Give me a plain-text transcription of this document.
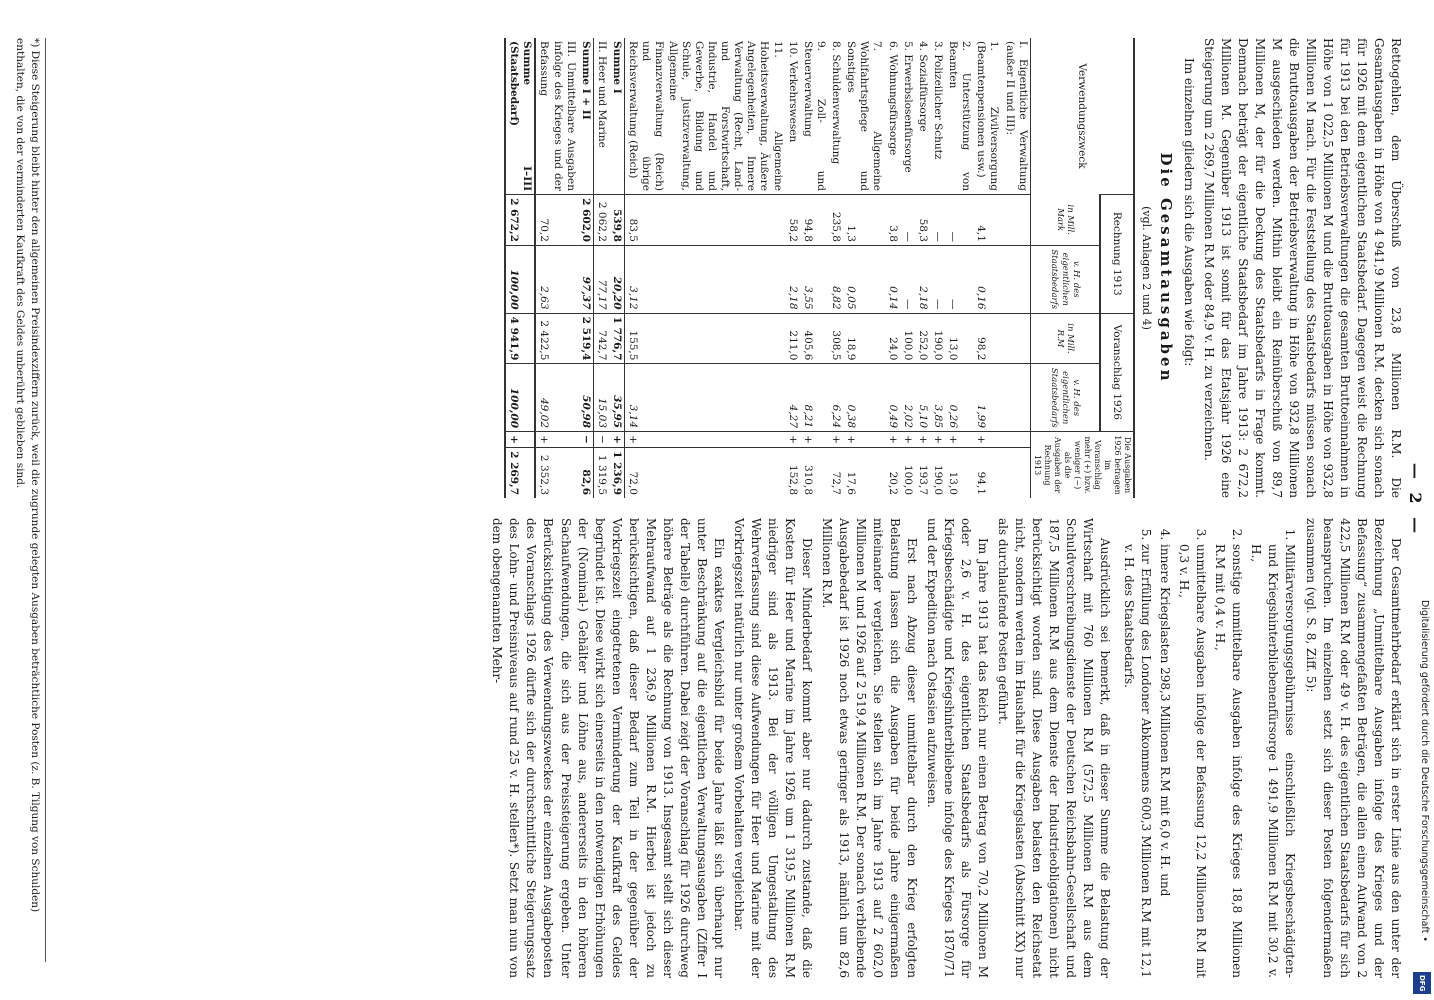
— 2 —

Rettogehlen, dem Überschuß von 23,8 Millionen R.M. Die Gesamtausgaben in Höhe von 4 941,9 Millionen R.M. decken sich sonach für 1926 mit dem eigentlichen Staatsbedarf. Dagegen weist die Rechnung für 1913 bei den Betriebsverwaltungen die gesamten Bruttoeinnahmen in Höhe von 1 022,5 Millionen M und die Bruttoausgaben in Höhe von 932,8 Millionen M nach. Für die Feststellung des Staatsbedarfs müssen sonach die Bruttoausgaben der Betriebsverwaltung in Höhe von 932,8 Millionen M ausgeschieden werden. Mithin bleibt ein Reinüberschuß von 89,7 Millionen M, der für die Deckung des Staatsbedarfs in Frage kommt. Demnach beträgt der eigentliche Staatsbedarf im Jahre 1913: 2 672,2 Millionen M. Gegenüber 1913 ist somit für das Etatsjahr 1926 eine Steigerung um 2 269,7 Millionen R.M oder 84,9 v. H. zu verzeichnen.

Im einzelnen gliedern sich die Ausgaben wie folgt:

Die Gesamtausgaben
(vgl. Anlagen 2 und 4)
Verwendungszweck	Rechnung 1913		Voranschlag 1926		Die Ausgaben 1926 betragen im Voranschlag mehr (+) bzw. weniger (−) als die Ausgaben der Rechnung 1913	
	in Mill. Mark	v. H. des eigentlichen Staatsbedarfs	in Mill. R.M	v. H. des eigentlichen Staatsbedarfs		
I. Eigentliche Verwaltung (außer II und III):						
1. Zivilversorgung (Beamtenpensionen usw.)	4,1	0,16	98,2	1,99	+	94,1
2. Unterstützung von Beamten	—	—	13,0	0,26	+	13,0
3. Polizeilicher Schutz	—	—	190,0	3,85	+	190,0
4. Sozialfürsorge	58,3	2,18	252,0	5,10	+	193,7
5. Erwerbslosenfürsorge	—	—	100,0	2,02	+	100,0
6. Wohnungsfürsorge	3,8	0,14	24,0	0,49	+	20,2
7. Allgemeine Wohlfahrtspflege und Sonstiges	1,3	0,05	18,9	0,38	+	17,6
8. Schuldenverwaltung	235,8	8,82	308,5	6,24	+	72,7
9. Zoll- und Steuerverwaltung	94,8	3,55	405,6	8,21	+	310,8
10. Verkehrswesen	58,2	2,18	211,0	4,27	+	152,8
11. Allgemeine Hoheitsverwaltung, Äußere Angelegenheiten, Innere Verwaltung (Recht, Land- und Forstwirtschaft, Industrie, Handel und Gewerbe, Bildung und Schule, Justizverwaltung, Allgemeine Finanzverwaltung (Reich) und übrige Reichsverwaltung (Reich)	83,5	3,12	155,5	3,14	+	72,0
Summe I	539,8	20,20	1 776,7	35,95	+	1 236,9
II. Heer und Marine	2 062,2	77,17	742,7	15,03	−	1 319,5
Summe I + II	2 602,0	97,37	2 519,4	50,98	−	82,6
III. Unmittelbare Ausgaben infolge des Krieges und der Befassung	70,2	2,63	2 422,5	49,02	+	2 352,3
Summe I–III (Staatsbedarf)	2 672,2	100,00	4 941,9	100,00	+	2 269,7

Der Gesamtmehrbedarf erklärt sich in erster Linie aus den unter der Bezeichnung „Unmittelbare Ausgaben infolge des Krieges und der Befassung“ zusammengefaßten Beträgen, die allein einen Aufwand von 2 422,5 Millionen R.M oder 49 v. H. des eigentlichen Staatsbedarfs für sich beanspruchen. Im einzelnen setzt sich dieser Posten folgendermaßen zusammen (vgl. S. 8, Ziff. 5):

1. Militärversorgungsgebührnisse einschließlich Kriegsbeschädigten- und Kriegshinterbliebenenfürsorge 1 491,9 Millionen R.M mit 30,2 v. H.,
2. sonstige unmittelbare Ausgaben infolge des Krieges 18,8 Millionen R.M mit 0,4 v. H.,
3. unmittelbare Ausgaben infolge der Befassung 12,2 Millionen R.M mit 0,3 v. H.,
4. innere Kriegslasten 298,3 Millionen R.M mit 6,0 v. H. und
5. zur Erfüllung des Londoner Abkommens 600,3 Millionen R.M mit 12,1 v. H. des Staatsbedarfs.

Ausdrücklich sei bemerkt, daß in dieser Summe die Belastung der Wirtschaft mit 760 Millionen R.M (572,5 Millionen R.M aus dem Schuldverschreibungsdienste der Deutschen Reichsbahn-Gesellschaft und 187,5 Millionen R.M aus dem Dienste der Industrieobligationen) nicht berücksichtigt worden sind. Diese Ausgaben belasten den Reichsetat nicht, sondern werden im Haushalt für die Kriegslasten (Abschnitt XX) nur als durchlaufende Posten geführt.

Im Jahre 1913 hat das Reich nur einen Betrag von 70,2 Millionen M oder 2,6 v. H. des eigentlichen Staatsbedarfs als Fürsorge für Kriegsbeschädigte und Kriegshinterbliebene infolge des Krieges 1870/71 und der Expedition nach Ostasien aufzuweisen.

Erst nach Abzug dieser unmittelbar durch den Krieg erfolgten Belastung lassen sich die Ausgaben für beide Jahre einigermaßen miteinander vergleichen. Sie stellen sich im Jahre 1913 auf 2 602,0 Millionen M und 1926 auf 2 519,4 Millionen R.M. Der sonach verbleibende Ausgabebedarf ist 1926 noch etwas geringer als 1913, nämlich um 82,6 Millionen R.M.

Dieser Minderbedarf kommt aber nur dadurch zustande, daß die Kosten für Heer und Marine im Jahre 1926 um 1 319,5 Millionen R.M niedriger sind als 1913. Bei der völligen Umgestaltung des Wehrverfassung sind diese Aufwendungen für Heer und Marine mit der Vorkriegszeit natürlich nur unter großem Vorbehalten vergleichbar.

Ein exaktes Vergleichsbild für beide Jahre läßt sich überhaupt nur unter Beschränkung auf die eigentlichen Verwaltungsausgaben (Ziffer I der Tabelle) durchführen. Dabei zeigt der Voranschlag für 1926 durchweg höhere Beträge als die Rechnung von 1913. Insgesamt stellt sich dieser Mehraufwand auf 1 236,9 Millionen R.M. Hierbei ist jedoch zu berücksichtigen, daß dieser Bedarf zum Teil in der gegenüber der Vorkriegszeit eingetretenen Verminderung der Kaufkraft des Geldes begründet ist. Diese wirkt sich einerseits in den notwendigen Erhöhungen der (Nominal-) Gehälter und Löhne aus, andererseits in den höheren Sachaufwendungen, die sich aus der Preissteigerung ergeben. Unter Berücksichtigung des Verwendungszweckes der einzelnen Ausgabeposten des Voranschlags 1926 dürfte sich der durchschnittliche Steigerungssatz des Lohn- und Preisniveaus auf rund 25 v. H. stellen*). Setzt man nun von dem obengenannten Mehr-

*) Diese Steigerung bleibt hinter den allgemeinen Preisindexziffern zurück, weil die zugrunde gelegten Ausgaben beträchtliche Posten (z. B. Tilgung von Schulden) enthalten, die von der verminderten Kaufkraft des Geldes unberührt geblieben sind.
Digitalisierung gefördert durch die Deutsche Forschungsgemeinschaft •
DFG
